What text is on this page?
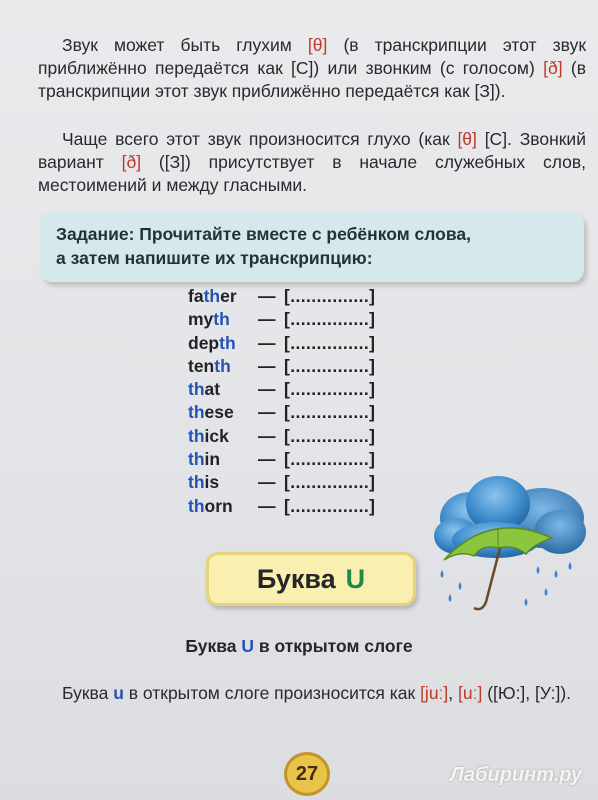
Звук может быть глухим [θ] (в транскрипции этот звук приближённо передаётся как [С]) или звонким (с голосом) [ð] (в транскрипции этот звук приближённо передаётся как [З]).
Чаще всего этот звук произносится глухо (как [θ] [С]. Звонкий вариант [ð] ([З]) присутствует в начале служебных слов, местоимений и между гласными.
Задание: Прочитайте вместе с ребёнком слова,
а затем напишите их транскрипцию:
father — [...............]
myth — [...............]
depth — [...............]
tenth — [...............]
that — [...............]
these — [...............]
thick — [...............]
thin — [...............]
this — [...............]
thorn — [...............]
Буква U
Буква U в открытом слоге
Буква u в открытом слоге произносится как [juː], [uː] ([Ю:], [У:]).
27	Лабиринт.ру
